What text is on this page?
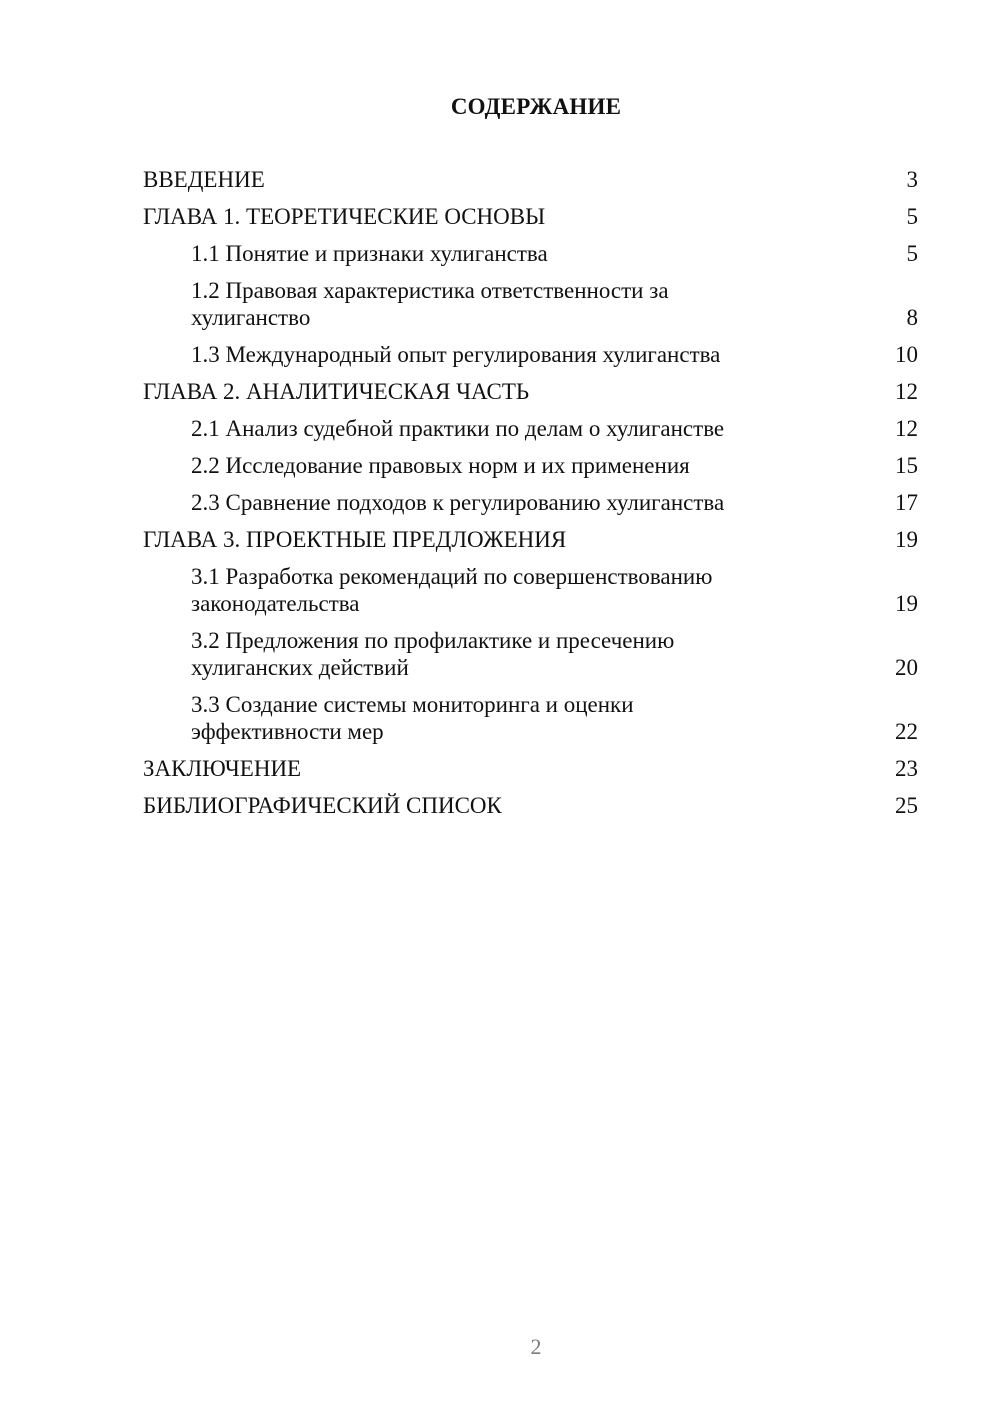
СОДЕРЖАНИЕ
ВВЕДЕНИЕ	3
ГЛАВА 1. ТЕОРЕТИЧЕСКИЕ ОСНОВЫ	5
1.1 Понятие и признаки хулиганства	5
1.2 Правовая характеристика ответственности за хулиганство	8
1.3 Международный опыт регулирования хулиганства	10
ГЛАВА 2. АНАЛИТИЧЕСКАЯ ЧАСТЬ	12
2.1 Анализ судебной практики по делам о хулиганстве	12
2.2 Исследование правовых норм и их применения	15
2.3 Сравнение подходов к регулированию хулиганства	17
ГЛАВА 3. ПРОЕКТНЫЕ ПРЕДЛОЖЕНИЯ	19
3.1 Разработка рекомендаций по совершенствованию законодательства	19
3.2 Предложения по профилактике и пресечению хулиганских действий	20
3.3 Создание системы мониторинга и оценки эффективности мер	22
ЗАКЛЮЧЕНИЕ	23
БИБЛИОГРАФИЧЕСКИЙ СПИСОК	25
2
